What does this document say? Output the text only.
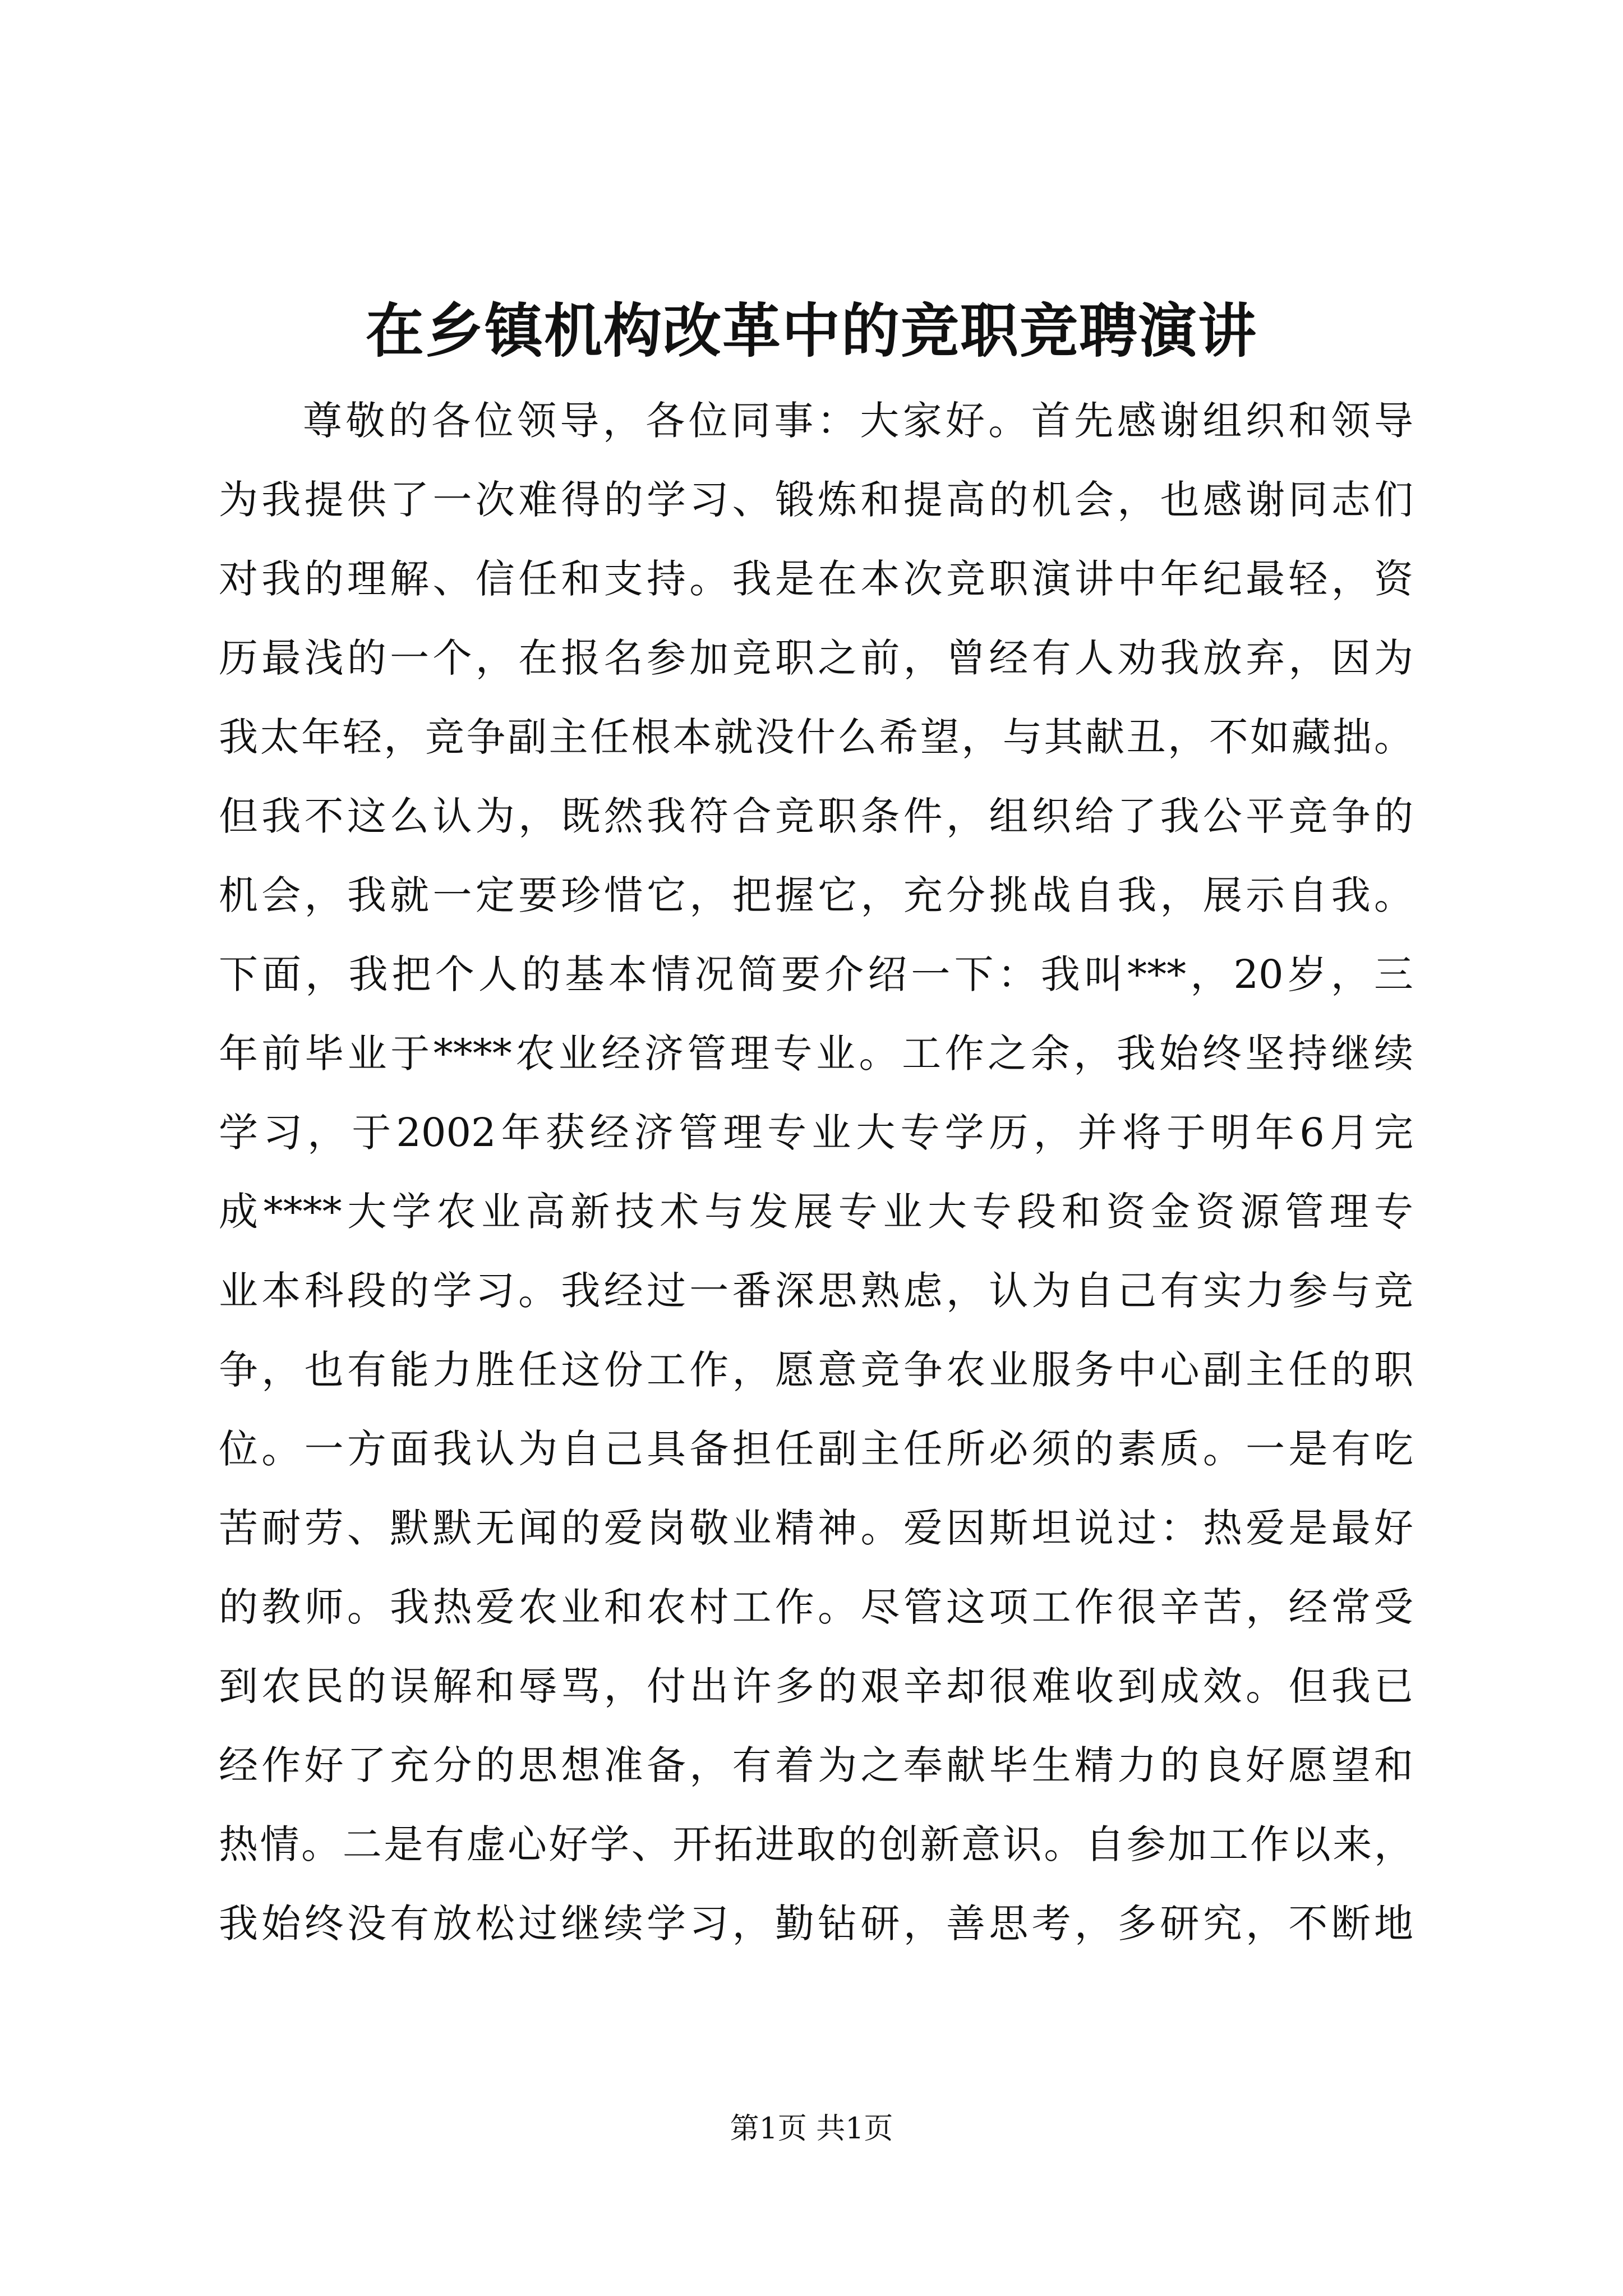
在乡镇机构改革中的竞职竞聘演讲
尊敬的各位领导，各位同事：大家好。首先感谢组织和领导
为我提供了一次难得的学习、锻炼和提高的机会，也感谢同志们
对我的理解、信任和支持。我是在本次竞职演讲中年纪最轻，资
历最浅的一个，在报名参加竞职之前，曾经有人劝我放弃，因为
我太年轻，竞争副主任根本就没什么希望，与其献丑，不如藏拙。
但我不这么认为，既然我符合竞职条件，组织给了我公平竞争的
机会，我就一定要珍惜它，把握它，充分挑战自我，展示自我。
下面，我把个人的基本情况简要介绍一下：我叫***，20岁，三
年前毕业于****农业经济管理专业。工作之余，我始终坚持继续
学习，于2002年获经济管理专业大专学历，并将于明年6月完
成****大学农业高新技术与发展专业大专段和资金资源管理专
业本科段的学习。我经过一番深思熟虑，认为自己有实力参与竞
争，也有能力胜任这份工作，愿意竞争农业服务中心副主任的职
位。一方面我认为自己具备担任副主任所必须的素质。一是有吃
苦耐劳、默默无闻的爱岗敬业精神。爱因斯坦说过：热爱是最好
的教师。我热爱农业和农村工作。尽管这项工作很辛苦，经常受
到农民的误解和辱骂，付出许多的艰辛却很难收到成效。但我已
经作好了充分的思想准备，有着为之奉献毕生精力的良好愿望和
热情。二是有虚心好学、开拓进取的创新意识。自参加工作以来，
我始终没有放松过继续学习，勤钻研，善思考，多研究，不断地
第1页 共1页
